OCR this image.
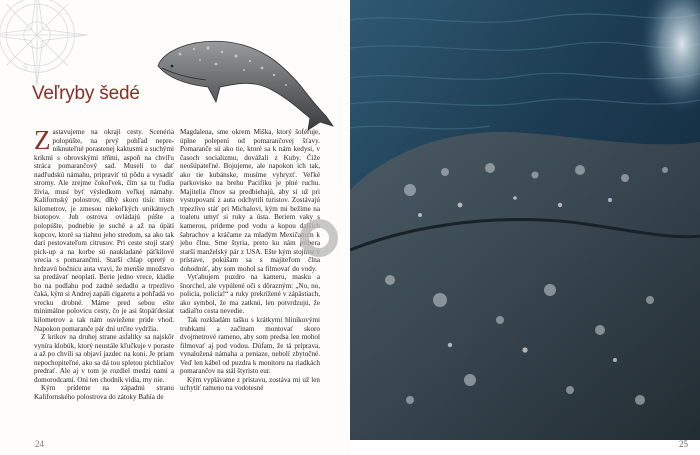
S
Veľryby šedé

Zastavujeme na okraji cesty. Scenéria polopúšte, na prvý pohľad nepre-niknuteľné porastenej kaktusmi a suchými krikmi s obrovskými tŕňmi, aspoň na chvíľu stráca pomarančový sad. Museli to dať nadľudskú námahu, pripraviť tú pôdu a vysadiť stromy. Ale zrejme čokoľvek, čím sa tu ľudia živia, musí byť výsledkom veľkej námahy. Kalifornský polostrov, dlhý skoro tisíc tristo kilometrov, je zmesou niekoľkých unikátnych biotopov. Juh ostrova ovládajú púšte a polopúšte, podnebie je suché a až na úpätí kopcov, ktoré sa tiahnu jeho stredom, sa ako tak darí pestovateľom citrusov. Pri ceste stojí starý pick-up a na korbe sú naukladané päťkilové vrecia s pomarančmi. Starší chlap opretý o hrdzavú bočnicu auta vravi, že menšie množstvo sa predávať neoplatí. Berie jedno vrece, kladie ho na podlahu pod zadné sedadlo a trpezlivo čaká, kým si Andrej zapáli cigaretu a pohľadá vo vrecku drobné. Máme pred sebou ešte minimálne polovicu cesty, čo je asi štopäťdesiat kilometrov a tak nám osviežene pride vhod. Napokon pomaranče pár dní určite vydržia.

Z krikov na druhej strane asfaltky sa najskôr vyníra klobúk, ktorý neustále kľučkuje v poraste a až po chvíli sa objaví jazdec na koni. Je priam nepochopiteľné, ako sa dá tou spletou pichliačov predrať. Ale aj v tom je rozdiel medzi nami a domorodcami. Oni ten chodník vidia, my nie.

Kým prídeme na západnú stranu Kalifornského polostrova do zátoky Bahía de

Magdalena, sme okrem Miška, ktorý šoféruje, úplne polepení od pomarančovej šťavy. Pomaranče sú ako tie, ktoré sa k nám kedysi, v časoch socializmu, dovážali z Kuby. Čiže neošúpateľné. Bojujeme, ale napokon ich tak, ako tie kubánske, musíme vyhryzť. Veľké parkovisko na brehu Pacifiku je plné ruchu. Majitelia člnov sa predbiehajú, aby si už pri vystupovaní z auta odchytili turistov. Zostávajú trpezlivo stáť pri Michalovi, kým mi bežíme na toaletu umyť si ruky a ústa. Beriem vaky s kamerou, prídeme pod vodu a kopou dalších šabrachov a kráčame za mladým Mexičanom k jeho člnu. Sme štyria, preto ku nám pribera starší manželský pár z USA. Ešte kým stojíme v prístave, pokúšam sa s majiteľom člna dohodnúť, aby som mohol sa filmovať do vody.

Vyťahujem puzdro na kameru, masku a šnorchel, ale vypúlené oči s dôrazným: „No, no, policía, policía!“ a ruky prekrížené v zápästiach, ako symbol, že ma zatknú, len potvrdzujú, že tadiaľto cesta nevedie.

Tak rozkladám tašku s krátkymi hliníkovými trubkami a začínam montovať skoro dvojmetrové rameno, aby som predsa len mohol filmovať aj pod vodou. Dúfam, že tá príprava, vynaložená námaha a peniaze, nebolí zbytočné. Veď len kábel od puzdra k monitoru na riadkách pomarančov na stál štyristo eur.

Kým vyplávame z prístavu, zostáva mi už len uchytiť rameno na vodotesné

24	25
